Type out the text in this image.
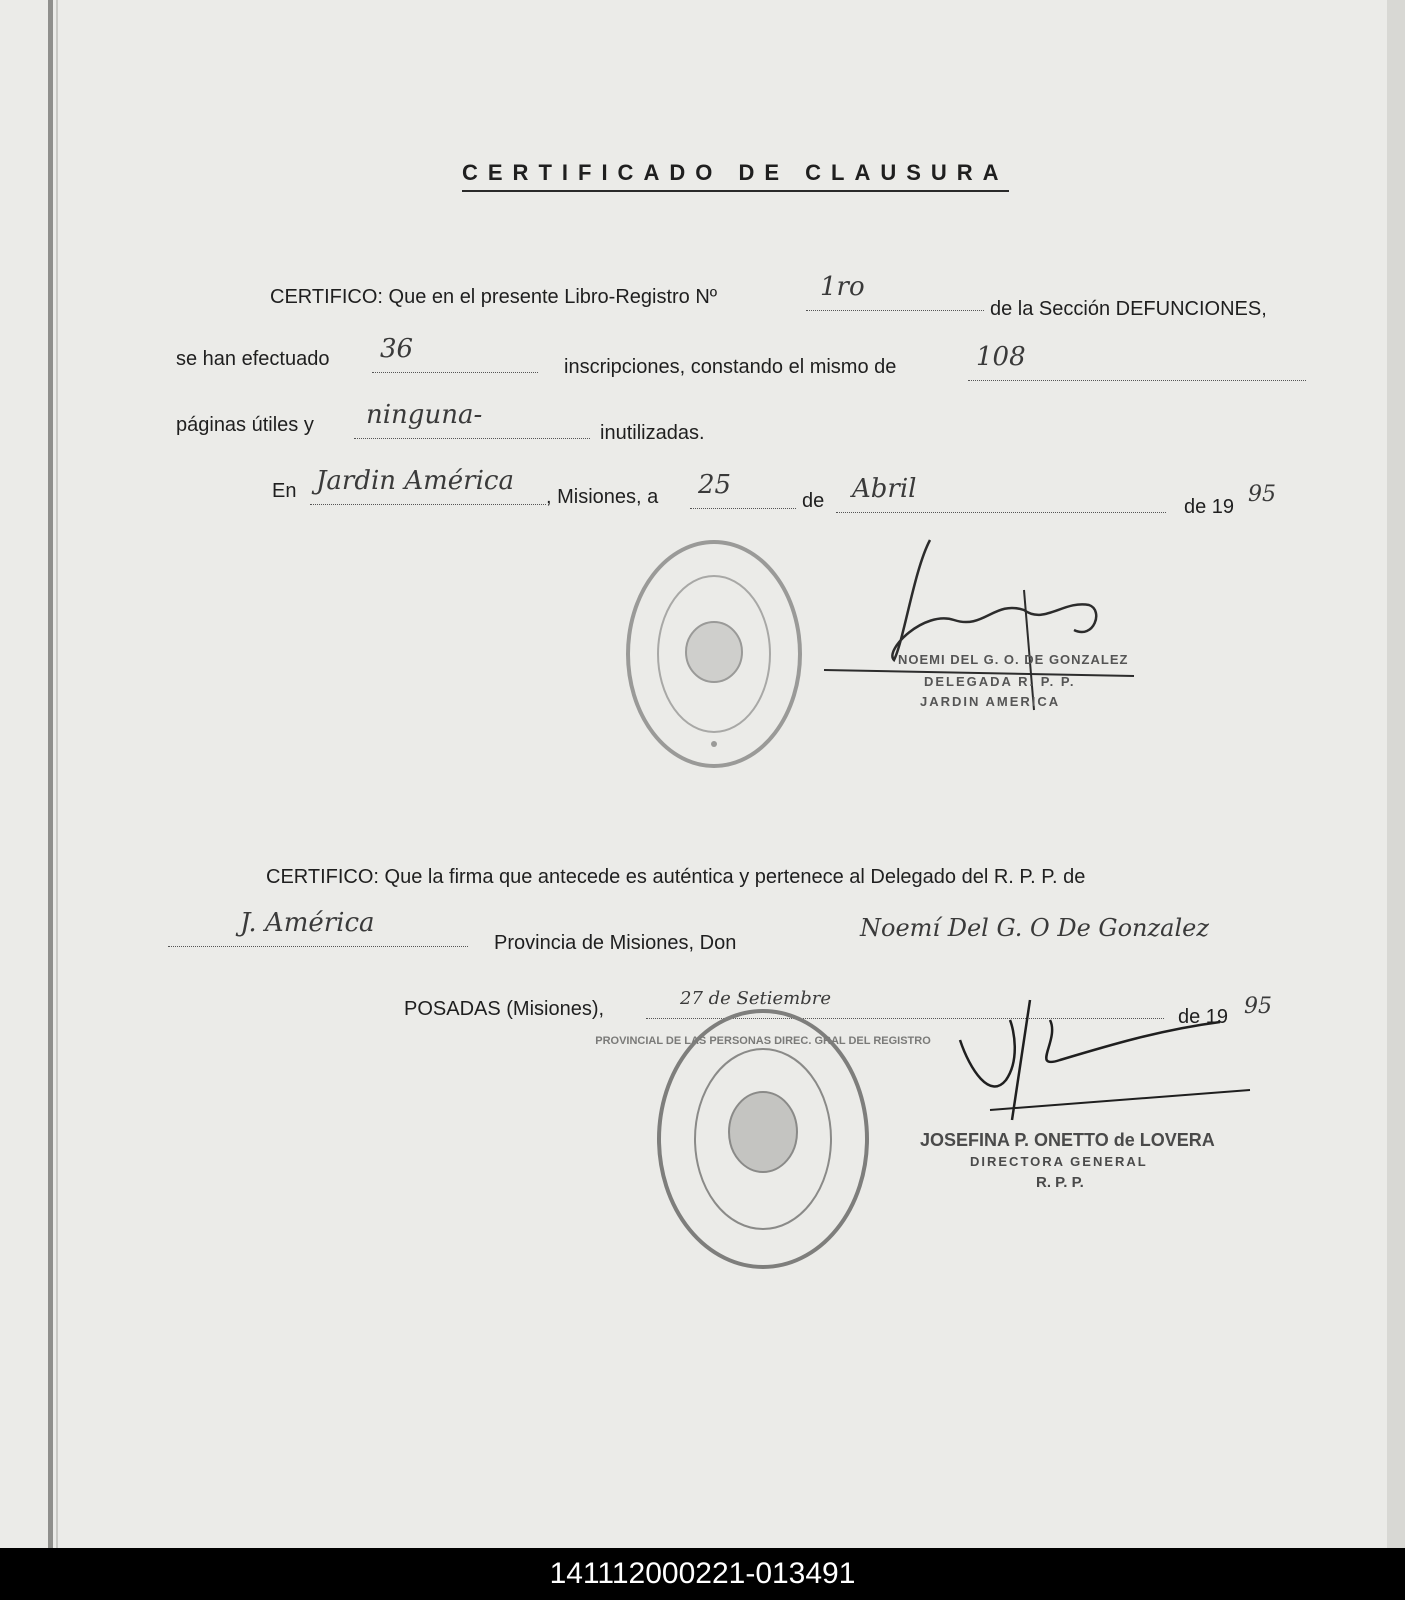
CERTIFICADO DE CLAUSURA
CERTIFICO: Que en el presente Libro-Registro Nº	1ro
de la Sección DEFUNCIONES,
se han efectuado 36
inscripciones, constando el mismo de	108
páginas útiles y ninguna-
inutilizadas.
En Jardin América
, Misiones, a 25
de Abril
de 19 95
NOEMI DEL G. O. DE GONZALEZ
DELEGADA R. P. P.
JARDIN AMERICA
CERTIFICO: Que la firma que antecede es auténtica y pertenece al Delegado del R. P. P. de
J. América
Provincia de Misiones, Don
Noemí Del G. O De Gonzalez
POSADAS (Misiones),	27 de Setiembre
de 19 95
PROVINCIAL DE LAS PERSONAS DIREC. GRAL DEL REGISTRO
JOSEFINA P. ONETTO de LOVERA
DIRECTORA GENERAL
R. P. P.
141112000221-013491
